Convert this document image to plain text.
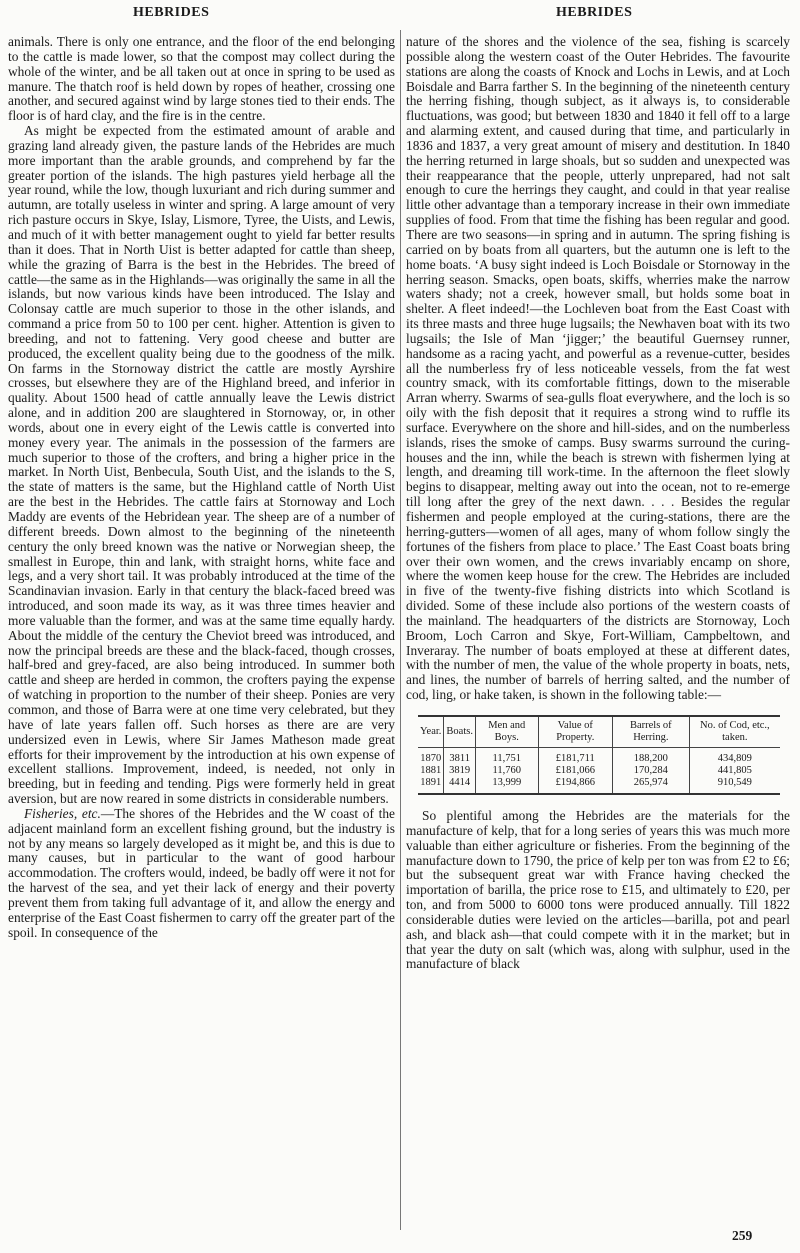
HEBRIDES	HEBRIDES

animals. There is only one entrance, and the floor of the end belonging to the cattle is made lower, so that the compost may collect during the whole of the winter, and be all taken out at once in spring to be used as manure. The thatch roof is held down by ropes of heather, crossing one another, and secured against wind by large stones tied to their ends. The floor is of hard clay, and the fire is in the centre.

As might be expected from the estimated amount of arable and grazing land already given, the pasture lands of the Hebrides are much more important than the arable grounds, and comprehend by far the greater portion of the islands. The high pastures yield herbage all the year round, while the low, though luxuriant and rich during summer and autumn, are totally useless in winter and spring. A large amount of very rich pasture occurs in Skye, Islay, Lismore, Tyree, the Uists, and Lewis, and much of it with better management ought to yield far better results than it does. That in North Uist is better adapted for cattle than sheep, while the grazing of Barra is the best in the Hebrides. The breed of cattle—the same as in the Highlands—was originally the same in all the islands, but now various kinds have been introduced. The Islay and Colonsay cattle are much superior to those in the other islands, and command a price from 50 to 100 per cent. higher. Attention is given to breeding, and not to fattening. Very good cheese and butter are produced, the excellent quality being due to the goodness of the milk. On farms in the Stornoway district the cattle are mostly Ayrshire crosses, but elsewhere they are of the Highland breed, and inferior in quality. About 1500 head of cattle annually leave the Lewis district alone, and in addition 200 are slaughtered in Stornoway, or, in other words, about one in every eight of the Lewis cattle is converted into money every year. The animals in the possession of the farmers are much superior to those of the crofters, and bring a higher price in the market. In North Uist, Benbecula, South Uist, and the islands to the S, the state of matters is the same, but the Highland cattle of North Uist are the best in the Hebrides. The cattle fairs at Stornoway and Loch Maddy are events of the Hebridean year. The sheep are of a number of different breeds. Down almost to the beginning of the nineteenth century the only breed known was the native or Norwegian sheep, the smallest in Europe, thin and lank, with straight horns, white face and legs, and a very short tail. It was probably introduced at the time of the Scandinavian invasion. Early in that century the black-faced breed was introduced, and soon made its way, as it was three times heavier and more valuable than the former, and was at the same time equally hardy. About the middle of the century the Cheviot breed was introduced, and now the principal breeds are these and the black-faced, though crosses, half-bred and grey-faced, are also being introduced. In summer both cattle and sheep are herded in common, the crofters paying the expense of watching in proportion to the number of their sheep. Ponies are very common, and those of Barra were at one time very celebrated, but they have of late years fallen off. Such horses as there are are very undersized even in Lewis, where Sir James Matheson made great efforts for their improvement by the introduction at his own expense of excellent stallions. Improvement, indeed, is needed, not only in breeding, but in feeding and tending. Pigs were formerly held in great aversion, but are now reared in some districts in considerable numbers.

Fisheries, etc.—The shores of the Hebrides and the W coast of the adjacent mainland form an excellent fishing ground, but the industry is not by any means so largely developed as it might be, and this is due to many causes, but in particular to the want of good harbour accommodation. The crofters would, indeed, be badly off were it not for the harvest of the sea, and yet their lack of energy and their poverty prevent them from taking full advantage of it, and allow the energy and enterprise of the East Coast fishermen to carry off the greater part of the spoil. In consequence of the

nature of the shores and the violence of the sea, fishing is scarcely possible along the western coast of the Outer Hebrides. The favourite stations are along the coasts of Knock and Lochs in Lewis, and at Loch Boisdale and Barra farther S. In the beginning of the nineteenth century the herring fishing, though subject, as it always is, to considerable fluctuations, was good; but between 1830 and 1840 it fell off to a large and alarming extent, and caused during that time, and particularly in 1836 and 1837, a very great amount of misery and destitution. In 1840 the herring returned in large shoals, but so sudden and unexpected was their reappearance that the people, utterly unprepared, had not salt enough to cure the herrings they caught, and could in that year realise little other advantage than a temporary increase in their own immediate supplies of food. From that time the fishing has been regular and good. There are two seasons—in spring and in autumn. The spring fishing is carried on by boats from all quarters, but the autumn one is left to the home boats. ‘A busy sight indeed is Loch Boisdale or Stornoway in the herring season. Smacks, open boats, skiffs, wherries make the narrow waters shady; not a creek, however small, but holds some boat in shelter. A fleet indeed!—the Lochleven boat from the East Coast with its three masts and three huge lugsails; the Newhaven boat with its two lugsails; the Isle of Man ‘jigger;’ the beautiful Guernsey runner, handsome as a racing yacht, and powerful as a revenue-cutter, besides all the numberless fry of less noticeable vessels, from the fat west country smack, with its comfortable fittings, down to the miserable Arran wherry. Swarms of sea-gulls float everywhere, and the loch is so oily with the fish deposit that it requires a strong wind to ruffle its surface. Everywhere on the shore and hill-sides, and on the numberless islands, rises the smoke of camps. Busy swarms surround the curing-houses and the inn, while the beach is strewn with fishermen lying at length, and dreaming till work-time. In the afternoon the fleet slowly begins to disappear, melting away out into the ocean, not to re-emerge till long after the grey of the next dawn. . . . Besides the regular fishermen and people employed at the curing-stations, there are the herring-gutters—women of all ages, many of whom follow singly the fortunes of the fishers from place to place.’ The East Coast boats bring over their own women, and the crews invariably encamp on shore, where the women keep house for the crew. The Hebrides are included in five of the twenty-five fishing districts into which Scotland is divided. Some of these include also portions of the western coasts of the mainland. The headquarters of the districts are Stornoway, Loch Broom, Loch Carron and Skye, Fort-William, Campbeltown, and Inveraray. The number of boats employed at these at different dates, with the number of men, the value of the whole property in boats, nets, and lines, the number of barrels of herring salted, and the number of cod, ling, or hake taken, is shown in the following table:—

Year.	Boats.	Men and Boys.	Value of Property.	Barrels of Herring.	No. of Cod, etc., taken.
1870	3811	11,751	£181,711	188,200	434,809
1881	3819	11,760	£181,066	170,284	441,805
1891	4414	13,999	£194,866	265,974	910,549

So plentiful among the Hebrides are the materials for the manufacture of kelp, that for a long series of years this was much more valuable than either agriculture or fisheries. From the beginning of the manufacture down to 1790, the price of kelp per ton was from £2 to £6; but the subsequent great war with France having checked the importation of barilla, the price rose to £15, and ultimately to £20, per ton, and from 5000 to 6000 tons were produced annually. Till 1822 considerable duties were levied on the articles—barilla, pot and pearl ash, and black ash—that could compete with it in the market; but in that year the duty on salt (which was, along with sulphur, used in the manufacture of black

259
